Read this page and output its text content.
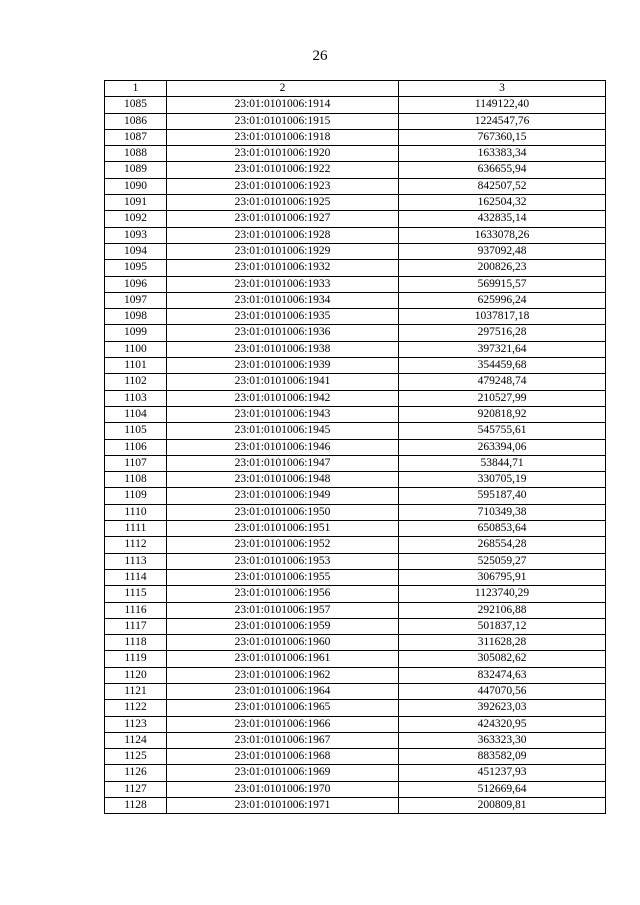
26
1	2	3
1085	23:01:0101006:1914	1149122,40
1086	23:01:0101006:1915	1224547,76
1087	23:01:0101006:1918	767360,15
1088	23:01:0101006:1920	163383,34
1089	23:01:0101006:1922	636655,94
1090	23:01:0101006:1923	842507,52
1091	23:01:0101006:1925	162504,32
1092	23:01:0101006:1927	432835,14
1093	23:01:0101006:1928	1633078,26
1094	23:01:0101006:1929	937092,48
1095	23:01:0101006:1932	200826,23
1096	23:01:0101006:1933	569915,57
1097	23:01:0101006:1934	625996,24
1098	23:01:0101006:1935	1037817,18
1099	23:01:0101006:1936	297516,28
1100	23:01:0101006:1938	397321,64
1101	23:01:0101006:1939	354459,68
1102	23:01:0101006:1941	479248,74
1103	23:01:0101006:1942	210527,99
1104	23:01:0101006:1943	920818,92
1105	23:01:0101006:1945	545755,61
1106	23:01:0101006:1946	263394,06
1107	23:01:0101006:1947	53844,71
1108	23:01:0101006:1948	330705,19
1109	23:01:0101006:1949	595187,40
1110	23:01:0101006:1950	710349,38
1111	23:01:0101006:1951	650853,64
1112	23:01:0101006:1952	268554,28
1113	23:01:0101006:1953	525059,27
1114	23:01:0101006:1955	306795,91
1115	23:01:0101006:1956	1123740,29
1116	23:01:0101006:1957	292106,88
1117	23:01:0101006:1959	501837,12
1118	23:01:0101006:1960	311628,28
1119	23:01:0101006:1961	305082,62
1120	23:01:0101006:1962	832474,63
1121	23:01:0101006:1964	447070,56
1122	23:01:0101006:1965	392623,03
1123	23:01:0101006:1966	424320,95
1124	23:01:0101006:1967	363323,30
1125	23:01:0101006:1968	883582,09
1126	23:01:0101006:1969	451237,93
1127	23:01:0101006:1970	512669,64
1128	23:01:0101006:1971	200809,81
